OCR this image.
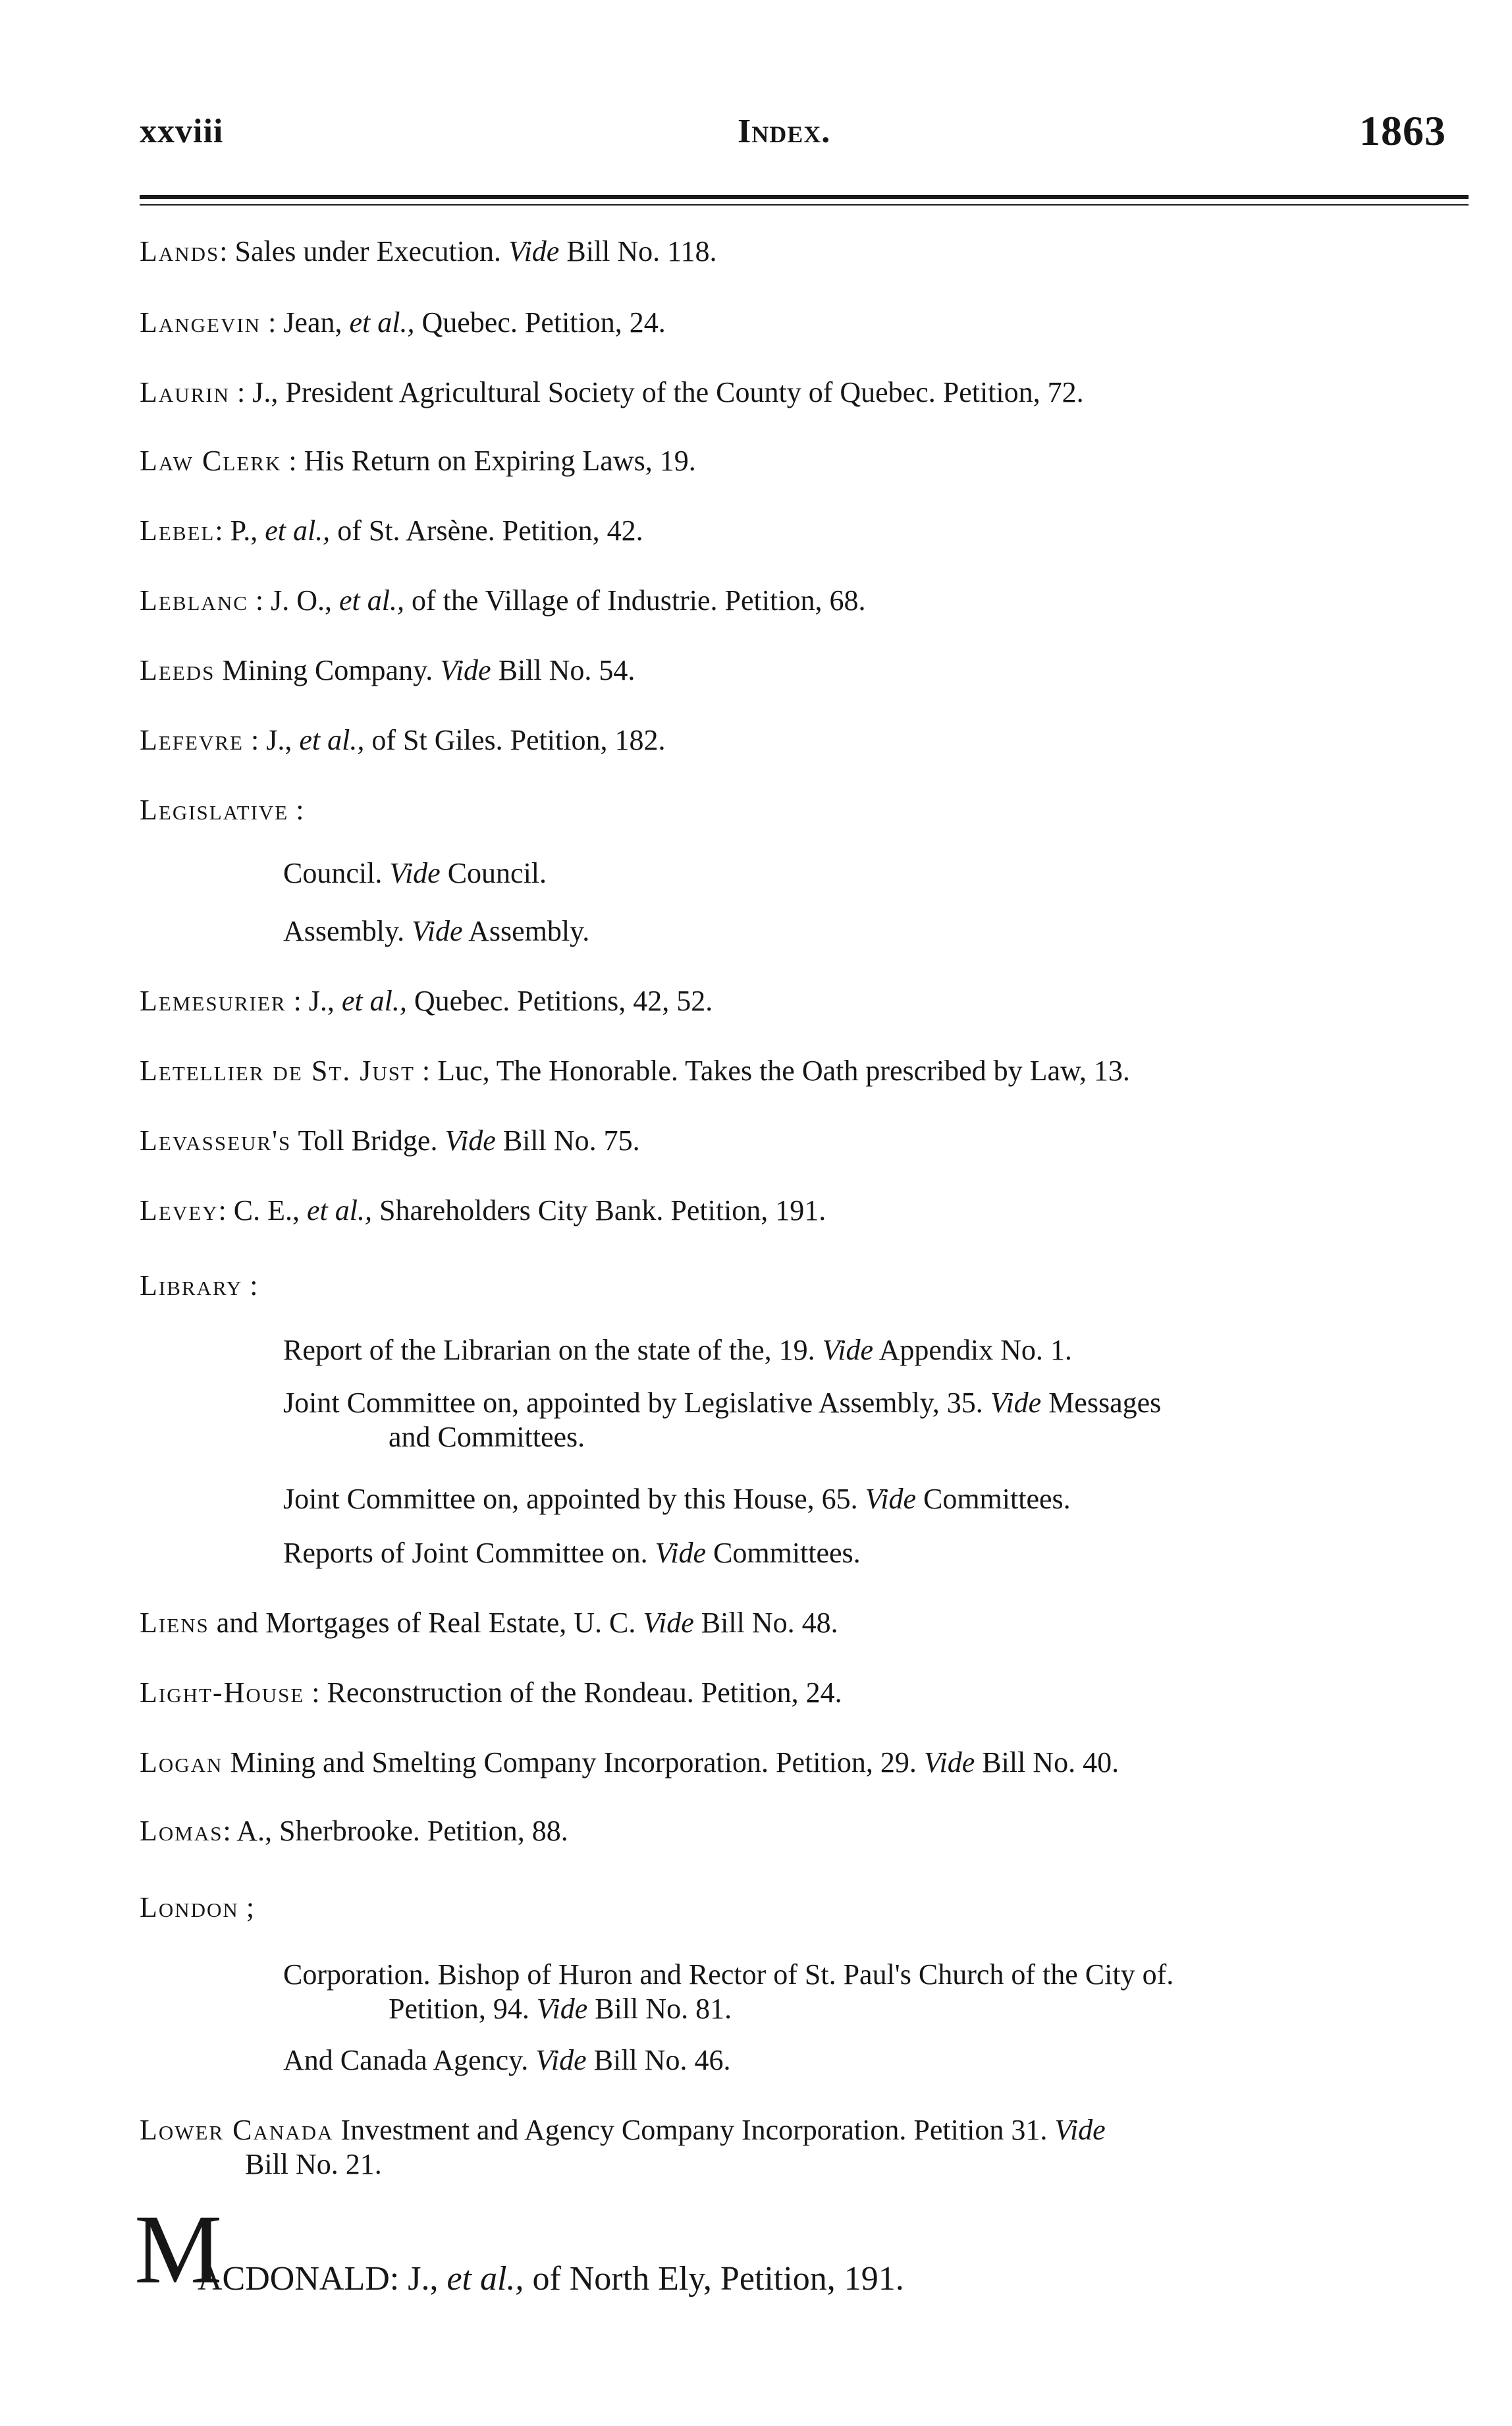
xxviii	Index.	1863
Lands: Sales under Execution. Vide Bill No. 118.
Langevin : Jean, et al., Quebec. Petition, 24.
Laurin : J., President Agricultural Society of the County of Quebec. Petition, 72.
Law Clerk : His Return on Expiring Laws, 19.
Lebel: P., et al., of St. Arsène. Petition, 42.
Leblanc : J. O., et al., of the Village of Industrie. Petition, 68.
Leeds Mining Company. Vide Bill No. 54.
Lefevre : J., et al., of St Giles. Petition, 182.
Legislative :
Council. Vide Council.
Assembly. Vide Assembly.
Lemesurier : J., et al., Quebec. Petitions, 42, 52.
Letellier de St. Just : Luc, The Honorable. Takes the Oath prescribed by Law, 13.
Levasseur's Toll Bridge. Vide Bill No. 75.
Levey: C. E., et al., Shareholders City Bank. Petition, 191.
Library :
Report of the Librarian on the state of the, 19. Vide Appendix No. 1.
Joint Committee on, appointed by Legislative Assembly, 35. Vide Messages
and Committees.
Joint Committee on, appointed by this House, 65. Vide Committees.
Reports of Joint Committee on. Vide Committees.
Liens and Mortgages of Real Estate, U. C. Vide Bill No. 48.
Light-House : Reconstruction of the Rondeau. Petition, 24.
Logan Mining and Smelting Company Incorporation. Petition, 29. Vide Bill No. 40.
Lomas: A., Sherbrooke. Petition, 88.
London ;
Corporation. Bishop of Huron and Rector of St. Paul's Church of the City of.
Petition, 94. Vide Bill No. 81.
And Canada Agency. Vide Bill No. 46.
Lower Canada Investment and Agency Company Incorporation. Petition 31. Vide
Bill No. 21.
M
ACDONALD: J., et al., of North Ely, Petition, 191.
